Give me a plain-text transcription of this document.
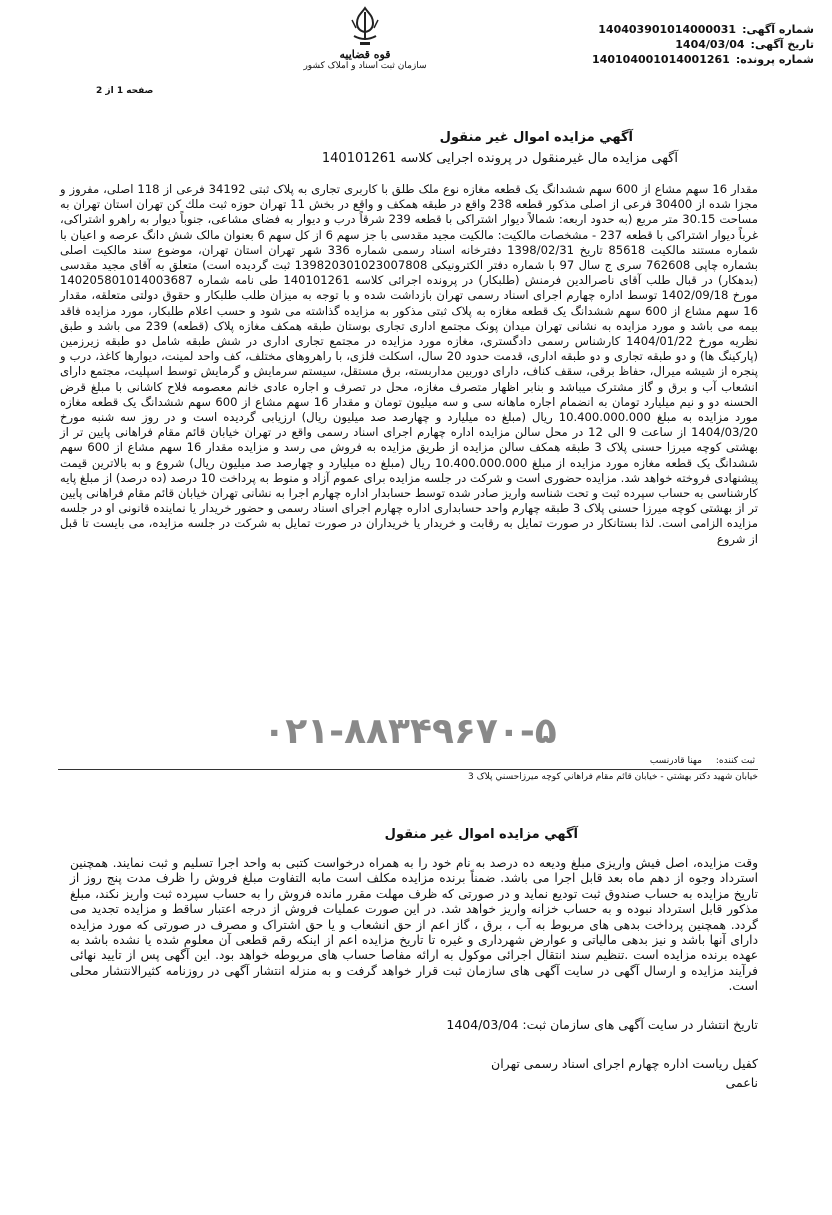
شماره آگهی:
140403901014000031
تاریخ آگهی:
1404/03/04
شماره پرونده:
140104001014001261
قوه قضاییه
سازمان ثبت اسناد و املاک کشور
صفحه 1 از 2
آگهي مزايده اموال غير منقول
آگهی مزایده مال غیرمنقول در پرونده اجرایی کلاسه 140101261
مقدار 16 سهم مشاع از 600 سهم ششدانگ یک قطعه مغازه نوع ملک طلق با کاربری تجاری به پلاک ثبتی 34192 فرعی از 118 اصلی، مفروز و مجزا شده از 30400 فرعی از اصلی مذکور قطعه 238 واقع در طبقه همکف و واقع در بخش 11 تهران حوزه ثبت ملك كن تهران استان تهران به مساحت 30.15 متر مربع (به حدود اربعه: شمالاً دیوار اشتراکی با قطعه 239 شرقاً درب و دیوار به فضای مشاعی، جنوباً دیوار به راهرو اشتراکی، غرباً دیوار اشتراکی با قطعه 237 - مشخصات مالکیت: مالکیت مجید مقدسی با جز سهم 6 از کل سهم 6 بعنوان مالک شش دانگ عرصه و اعیان با شماره مستند مالکیت 85618 تاریخ 1398/02/31 دفترخانه اسناد رسمی شماره 336 شهر تهران استان تهران، موضوع سند مالکیت اصلی بشماره چاپی 762608 سری ج سال 97 با شماره دفتر الکترونیکی 139820301023007808 ثبت گردیده است) متعلق به آقای مجید مقدسی (بدهکار) در قبال طلب آقای ناصرالدین فرمنش (طلبکار) در پرونده اجرائی کلاسه 140101261 طی نامه شماره 140205801014003687 مورخ 1402/09/18 توسط اداره چهارم اجرای اسناد رسمی تهران بازداشت شده و با توجه به میزان طلب طلبکار و حقوق دولتی متعلقه، مقدار 16 سهم مشاع از 600 سهم ششدانگ یک قطعه مغازه به پلاک ثبتی مذکور به مزایده گذاشته می شود و حسب اعلام طلبکار، مورد مزایده فاقد بیمه می باشد و مورد مزایده به نشانی تهران میدان پونک مجتمع اداری تجاری بوستان طبقه همکف مغازه پلاک (قطعه) 239 می باشد و طبق نظریه مورخ 1404/01/22 کارشناس رسمی دادگستری، مغازه مورد مزایده در مجتمع تجاری اداری در شش طبقه شامل دو طبقه زیرزمین (پارکینگ ها) و دو طبقه تجاری و دو طبقه اداری، قدمت حدود 20 سال، اسکلت فلزی، با راهروهای مختلف، کف واحد لمینت، دیوارها کاغذ، درب و پنجره از شیشه میرال، حفاظ برقی، سقف کناف، دارای دوربین مداربسته، برق مستقل، سیستم سرمایش و گرمایش توسط اسپلیت، مجتمع دارای انشعاب آب و برق و گاز مشترک میباشد و بنابر اظهار متصرف مغازه، محل در تصرف و اجاره عادی خانم معصومه فلاح کاشانی با مبلغ قرض الحسنه دو و نیم میلیارد تومان به انضمام اجاره ماهانه سی و سه میلیون تومان و مقدار 16 سهم مشاع از 600 سهم ششدانگ یک قطعه مغازه مورد مزایده به مبلغ 10.400.000.000 ریال (مبلغ ده میلیارد و چهارصد صد میلیون ریال) ارزیابی گردیده است و در روز سه شنبه مورخ 1404/03/20 از ساعت 9 الی 12 در محل سالن مزایده اداره چهارم اجرای اسناد رسمی واقع در تهران خیابان قائم مقام فراهانی پایین تر از بهشتی کوچه میرزا حسنی پلاک 3 طبقه همکف سالن مزایده از طریق مزایده به فروش می رسد و مزایده مقدار 16 سهم مشاع از 600 سهم ششدانگ یک قطعه مغازه مورد مزایده از مبلغ 10.400.000.000 ریال (مبلغ ده میلیارد و چهارصد صد میلیون ریال) شروع و به بالاترین قیمت پیشنهادی فروخته خواهد شد. مزایده حضوری است و شرکت در جلسه مزایده برای عموم آزاد و منوط به پرداخت 10 درصد (ده درصد) از مبلغ پایه کارشناسی به حساب سپرده ثبت و تحت شناسه واریز صادر شده توسط حسابدار اداره چهارم اجرا به نشانی تهران خیابان قائم مقام فراهانی پایین تر از بهشتی کوچه میرزا حسنی پلاک 3 طبقه چهارم واحد حسابداری اداره چهارم اجرای اسناد رسمی و حضور خریدار یا نماینده قانونی او در جلسه مزایده الزامی است. لذا بستانکار در صورت تمایل به رقابت و خریدار یا خریداران در صورت تمایل به شرکت در جلسه مزایده، می بایست تا قبل از شروع
۰۲۱-۸۸۳۴۹۶۷۰-۵
ثبت کننده:
مهنا قادرنسب
خیابان شهید دکتر بهشتي - خیابان قائم مقام فراهاني کوچه میرزاحسني پلاک 3
آگهي مزايده اموال غير منقول
وقت مزایده، اصل فیش واریزی مبلغ ودیعه ده درصد به نام خود را به همراه درخواست کتبی به واحد اجرا تسلیم و ثبت نمایند. همچنین استرداد وجوه از دهم ماه بعد قابل اجرا می باشد. ضمناً برنده مزایده مکلف است مابه التفاوت مبلغ فروش را ظرف مدت پنج روز از تاریخ مزایده به حساب صندوق ثبت تودیع نماید و در صورتی که ظرف مهلت مقرر مانده فروش را به حساب سپرده ثبت واریز نکند، مبلغ مذکور قابل استرداد نبوده و به حساب خزانه واریز خواهد شد. در این صورت عملیات فروش از درجه اعتبار ساقط و مزایده تجدید می گردد. همچنین پرداخت بدهی های مربوط به آب ، برق ، گاز اعم از حق انشعاب و یا حق اشتراک و مصرف در صورتی که مورد مزایده دارای آنها باشد و نیز بدهی مالیاتی و عوارض شهرداری و غیره تا تاریخ مزایده اعم از اینکه رقم قطعی آن معلوم شده یا نشده باشد به عهده برنده مزایده است .تنظیم سند انتقال اجرائی موکول به ارائه مفاصا حساب های مربوطه خواهد بود. این آگهی پس از تایید نهائی فرآیند مزایده و ارسال آگهی در سایت آگهی های سازمان ثبت قرار خواهد گرفت و به منزله انتشار آگهی در روزنامه کثیرالانتشار محلی است.
تاریخ انتشار در سایت آگهی های سازمان ثبت: 1404/03/04
کفیل ریاست اداره چهارم اجرای اسناد رسمی تهران
ناعمی
